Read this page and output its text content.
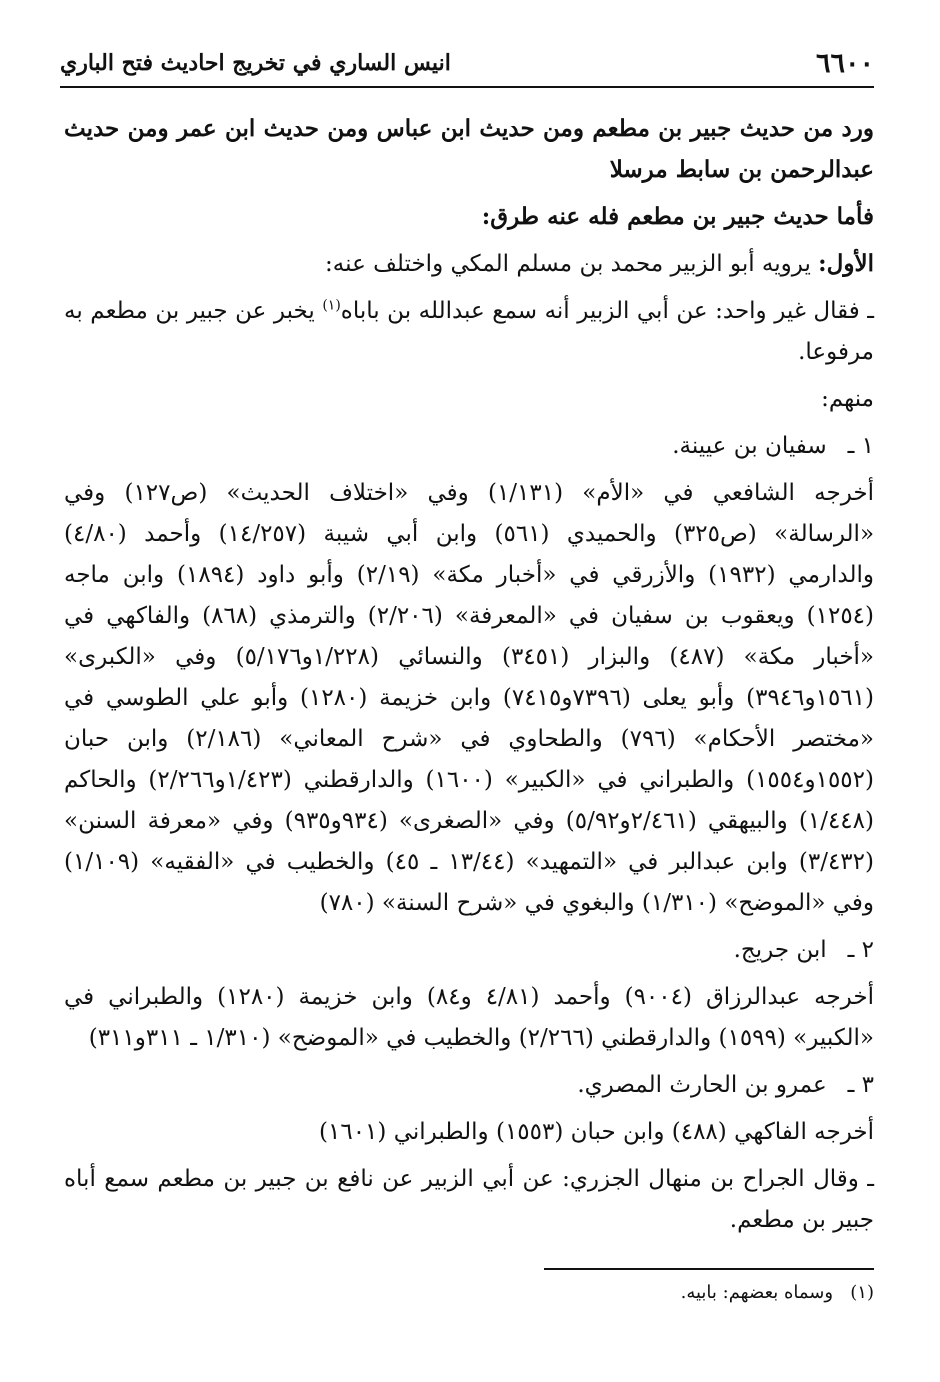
٦٦٠٠
انيس الساري في تخريج احاديث فتح الباري

ورد من حديث جبير بن مطعم ومن حديث ابن عباس ومن حديث ابن عمر ومن حديث عبدالرحمن بن سابط مرسلا

فأما حديث جبير بن مطعم فله عنه طرق:

الأول: يرويه أبو الزبير محمد بن مسلم المكي واختلف عنه:

ـ فقال غير واحد: عن أبي الزبير أنه سمع عبدالله بن باباه$^{(١)}$ يخبر عن جبير بن مطعم به مرفوعا.

منهم:

١ ـ سفيان بن عيينة.

أخرجه الشافعي في «الأم» (١/١٣١) وفي «اختلاف الحديث» (ص١٢٧) وفي «الرسالة» (ص٣٢٥) والحميدي (٥٦١) وابن أبي شيبة (١٤/٢٥٧) وأحمد (٤/٨٠) والدارمي (١٩٣٢) والأزرقي في «أخبار مكة» (٢/١٩) وأبو داود (١٨٩٤) وابن ماجه (١٢٥٤) ويعقوب بن سفيان في «المعرفة» (٢/٢٠٦) والترمذي (٨٦٨) والفاكهي في «أخبار مكة» (٤٨٧) والبزار (٣٤٥١) والنسائي (١/٢٢٨و٥/١٧٦) وفي «الكبرى» (١٥٦١و٣٩٤٦) وأبو يعلى (٧٣٩٦و٧٤١٥) وابن خزيمة (١٢٨٠) وأبو علي الطوسي في «مختصر الأحكام» (٧٩٦) والطحاوي في «شرح المعاني» (٢/١٨٦) وابن حبان (١٥٥٢و١٥٥٤) والطبراني في «الكبير» (١٦٠٠) والدارقطني (١/٤٢٣و٢/٢٦٦) والحاكم (١/٤٤٨) والبيهقي (٢/٤٦١و٥/٩٢) وفي «الصغرى» (٩٣٤و٩٣٥) وفي «معرفة السنن» (٣/٤٣٢) وابن عبدالبر في «التمهيد» (١٣/٤٤ ـ ٤٥) والخطيب في «الفقيه» (١/١٠٩) وفي «الموضح» (١/٣١٠) والبغوي في «شرح السنة» (٧٨٠)

٢ ـ ابن جريج.

أخرجه عبدالرزاق (٩٠٠٤) وأحمد (٤/٨١ و٨٤) وابن خزيمة (١٢٨٠) والطبراني في «الكبير» (١٥٩٩) والدارقطني (٢/٢٦٦) والخطيب في «الموضح» (١/٣١٠ ـ ٣١١و٣١١)

٣ ـ عمرو بن الحارث المصري.

أخرجه الفاكهي (٤٨٨) وابن حبان (١٥٥٣) والطبراني (١٦٠١)

ـ وقال الجراح بن منهال الجزري: عن أبي الزبير عن نافع بن جبير بن مطعم سمع أباه جبير بن مطعم.

(١)   وسماه بعضهم: بابيه.
